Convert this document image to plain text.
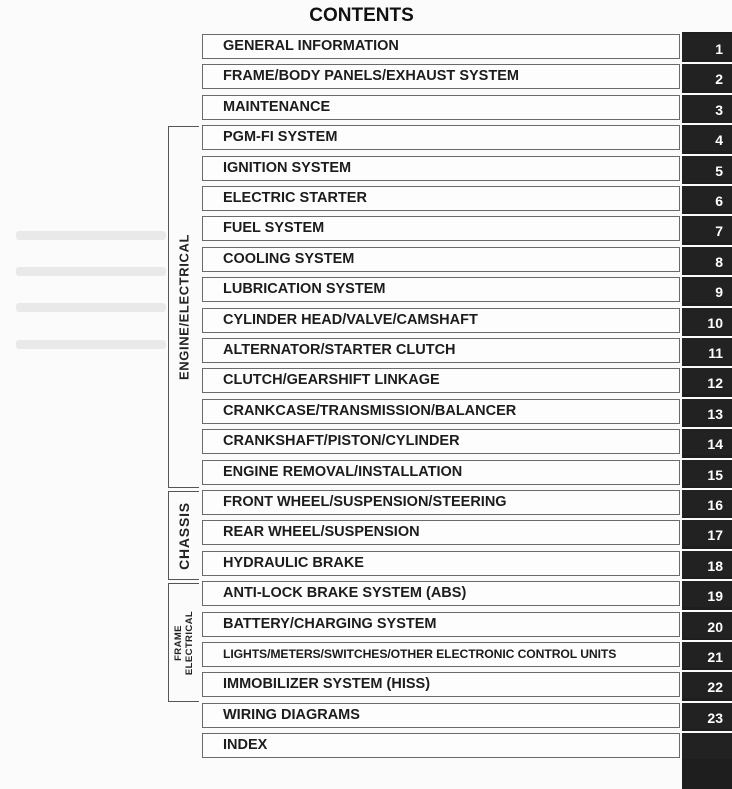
CONTENTS
ENGINE/ELECTRICAL
CHASSIS
FRAME ELECTRICAL
GENERAL INFORMATION	1
FRAME/BODY PANELS/EXHAUST SYSTEM	2
MAINTENANCE	3
PGM-FI SYSTEM	4
IGNITION SYSTEM	5
ELECTRIC STARTER	6
FUEL SYSTEM	7
COOLING SYSTEM	8
LUBRICATION SYSTEM	9
CYLINDER HEAD/VALVE/CAMSHAFT	10
ALTERNATOR/STARTER CLUTCH	11
CLUTCH/GEARSHIFT LINKAGE	12
CRANKCASE/TRANSMISSION/BALANCER	13
CRANKSHAFT/PISTON/CYLINDER	14
ENGINE REMOVAL/INSTALLATION	15
FRONT WHEEL/SUSPENSION/STEERING	16
REAR WHEEL/SUSPENSION	17
HYDRAULIC BRAKE	18
ANTI-LOCK BRAKE SYSTEM (ABS)	19
BATTERY/CHARGING SYSTEM	20
LIGHTS/METERS/SWITCHES/OTHER ELECTRONIC CONTROL UNITS	21
IMMOBILIZER SYSTEM (HISS)	22
WIRING DIAGRAMS	23
INDEX
